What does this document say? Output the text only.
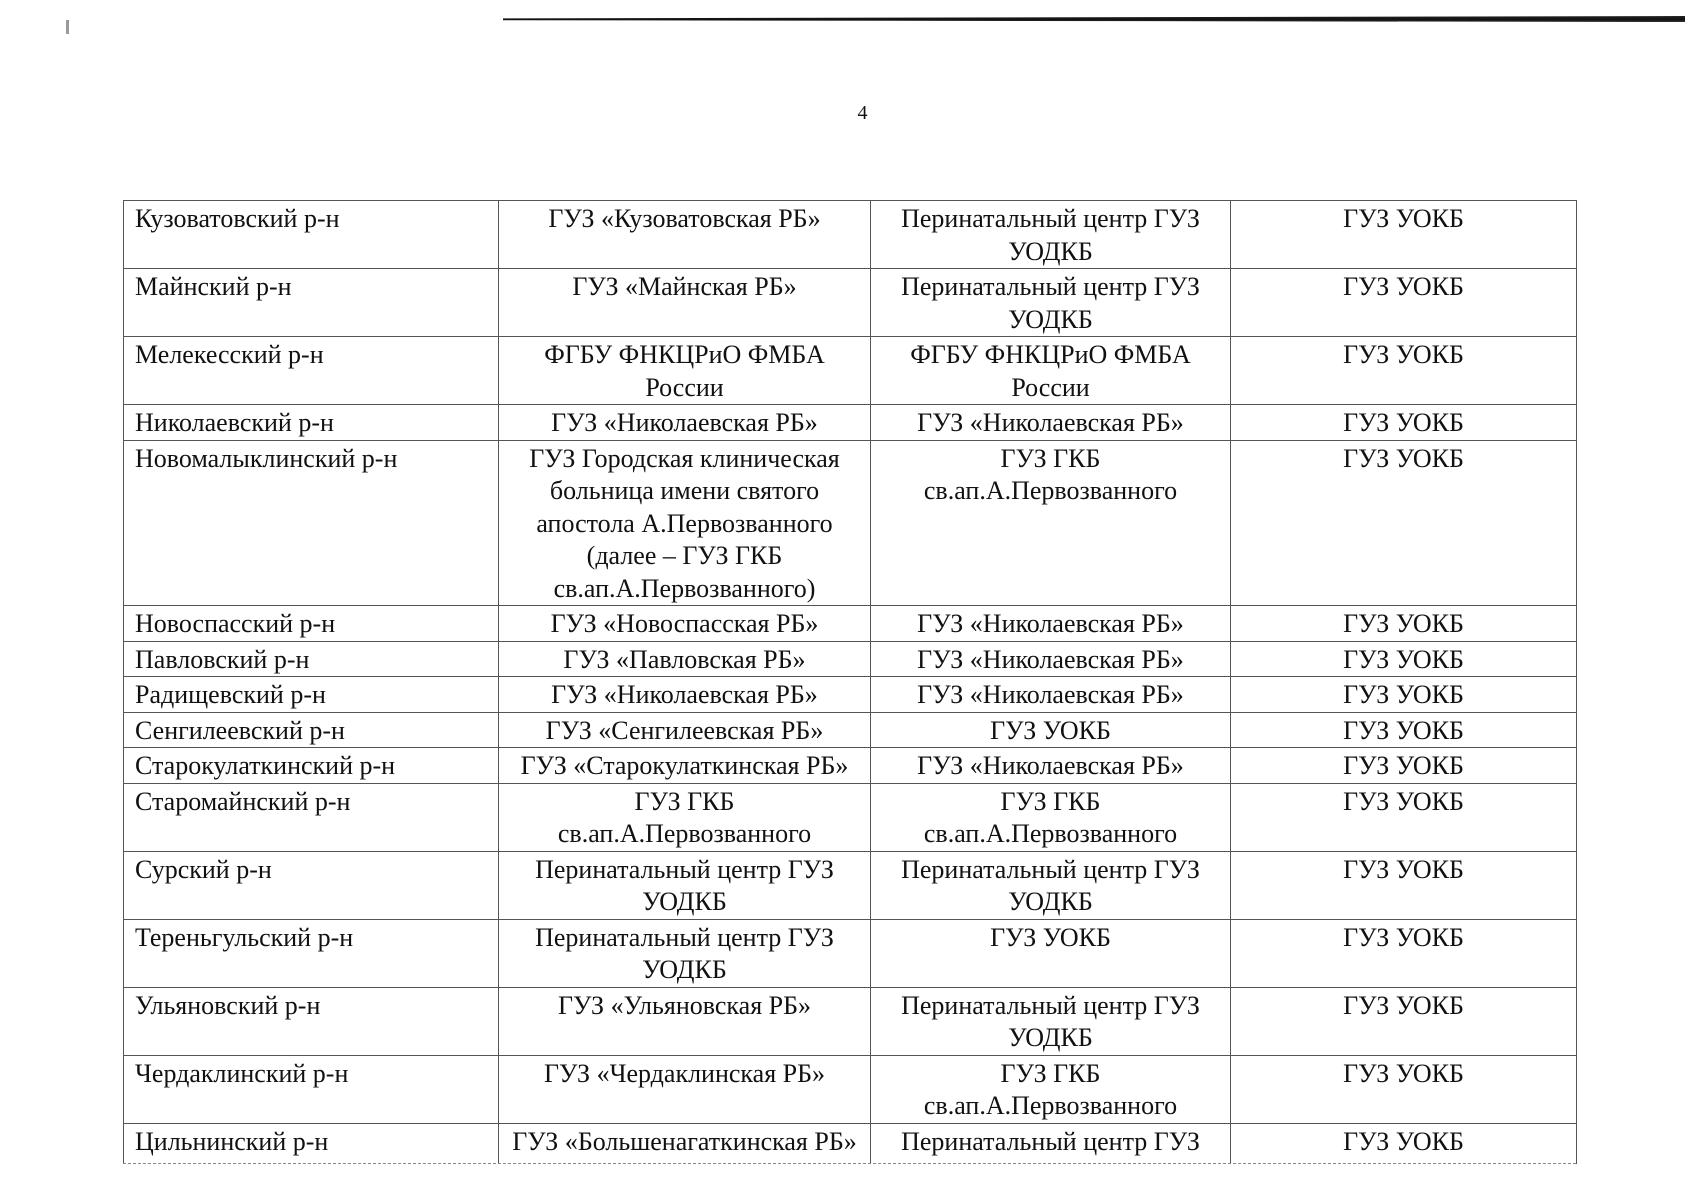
4
Кузоватовский р-н	ГУЗ «Кузоватовская РБ»	Перинатальный центр ГУЗ УОДКБ	ГУЗ УОКБ
Майнский р-н	ГУЗ «Майнская РБ»	Перинатальный центр ГУЗ УОДКБ	ГУЗ УОКБ
Мелекесский р-н	ФГБУ ФНКЦРиО ФМБА России	ФГБУ ФНКЦРиО ФМБА России	ГУЗ УОКБ
Николаевский р-н	ГУЗ «Николаевская РБ»	ГУЗ «Николаевская РБ»	ГУЗ УОКБ
Новомалыклинский р-н	ГУЗ Городская клиническая больница имени святого апостола А.Первозванного (далее – ГУЗ ГКБ св.ап.А.Первозванного)	ГУЗ ГКБ св.ап.А.Первозванного	ГУЗ УОКБ
Новоспасский р-н	ГУЗ «Новоспасская РБ»	ГУЗ «Николаевская РБ»	ГУЗ УОКБ
Павловский р-н	ГУЗ «Павловская РБ»	ГУЗ «Николаевская РБ»	ГУЗ УОКБ
Радищевский р-н	ГУЗ «Николаевская РБ»	ГУЗ «Николаевская РБ»	ГУЗ УОКБ
Сенгилеевский р-н	ГУЗ «Сенгилеевская РБ»	ГУЗ УОКБ	ГУЗ УОКБ
Старокулаткинский р-н	ГУЗ «Старокулаткинская РБ»	ГУЗ «Николаевская РБ»	ГУЗ УОКБ
Старомайнский р-н	ГУЗ ГКБ св.ап.А.Первозванного	ГУЗ ГКБ св.ап.А.Первозванного	ГУЗ УОКБ
Сурский р-н	Перинатальный центр ГУЗ УОДКБ	Перинатальный центр ГУЗ УОДКБ	ГУЗ УОКБ
Тереньгульский р-н	Перинатальный центр ГУЗ УОДКБ	ГУЗ УОКБ	ГУЗ УОКБ
Ульяновский р-н	ГУЗ «Ульяновская РБ»	Перинатальный центр ГУЗ УОДКБ	ГУЗ УОКБ
Чердаклинский р-н	ГУЗ «Чердаклинская РБ»	ГУЗ ГКБ св.ап.А.Первозванного	ГУЗ УОКБ
Цильнинский р-н	ГУЗ «Большенагаткинская РБ»	Перинатальный центр ГУЗ	ГУЗ УОКБ
